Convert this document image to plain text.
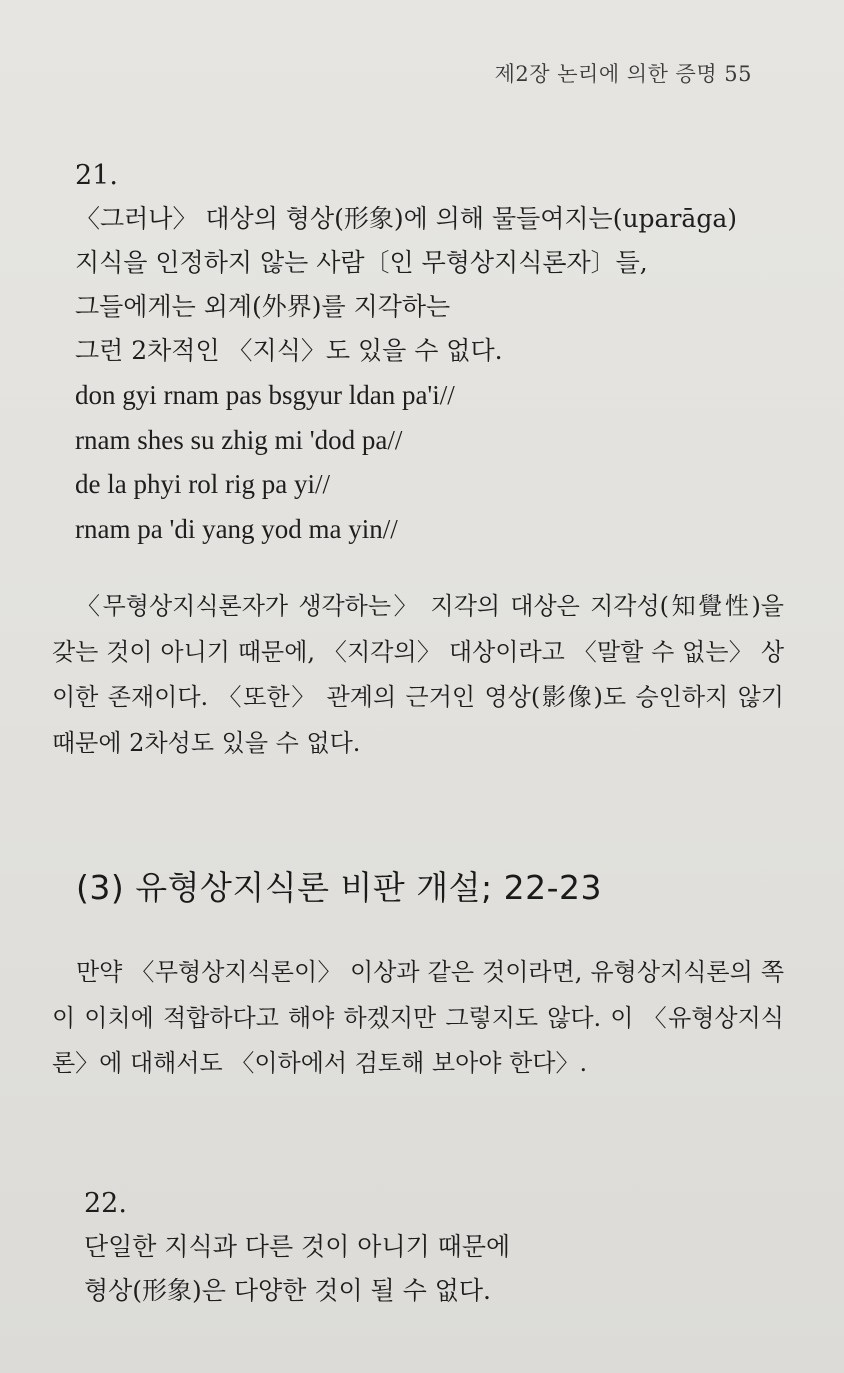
제2장 논리에 의한 증명 55
21.
〈그러나〉 대상의 형상(形象)에 의해 물들여지는(uparāga)
지식을 인정하지 않는 사람〔인 무형상지식론자〕들,
그들에게는 외계(外界)를 지각하는
그런 2차적인 〈지식〉도 있을 수 없다.
don gyi rnam pas bsgyur ldan pa'i//
rnam shes su zhig mi 'dod pa//
de la phyi rol rig pa yi//
rnam pa 'di yang yod ma yin//
〈무형상지식론자가 생각하는〉 지각의 대상은 지각성(知覺性)을 갖는 것이 아니기 때문에, 〈지각의〉 대상이라고 〈말할 수 없는〉 상이한 존재이다. 〈또한〉 관계의 근거인 영상(影像)도 승인하지 않기 때문에 2차성도 있을 수 없다.
(3) 유형상지식론 비판 개설; 22-23
만약 〈무형상지식론이〉 이상과 같은 것이라면, 유형상지식론의 쪽이 이치에 적합하다고 해야 하겠지만 그렇지도 않다. 이 〈유형상지식론〉에 대해서도 〈이하에서 검토해 보아야 한다〉.
22.
단일한 지식과 다른 것이 아니기 때문에
형상(形象)은 다양한 것이 될 수 없다.
